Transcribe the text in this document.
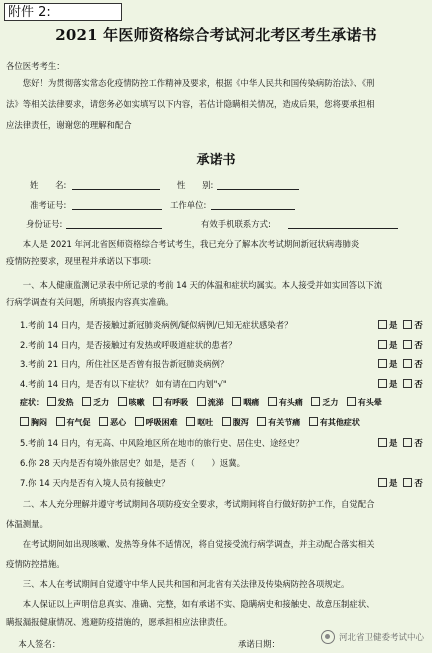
附件 2:
2021 年医师资格综合考试河北考区考生承诺书
各位医考考生：
　　您好！为贯彻落实常态化疫情防控工作精神及要求，根据《中华人民共和国传染病防治法》、《刑
法》等相关法律要求，请您务必如实填写以下内容，若估计隐瞒相关情况，造成后果，您将要承担相
应法律责任，谢谢您的理解和配合
承诺书
姓　　名:	性　　别:
准考证号:	工作单位:
身份证号:	有效手机联系方式:
　　本人是 2021 年河北省医师资格综合考试考生，我已充分了解本次考试期间新冠状病毒肺炎
疫情防控要求，现里程并承诺以下事项:
　　一、本人健康监测记录表中所记录的考前 14 天的体温和症状均属实。本人接受并如实回答以下流
行病学调查有关问题，所填报内容真实准确。
1.考前 14 日内，是否接触过新冠肺炎病例/疑似病例/已知无症状感染者？	是 否
2.考前 14 日内，是否接触过有发热或呼吸道症状的患者？	是 否
3.考前 21 日内，所住社区是否曾有报告新冠肺炎病例？	是 否
4.考前 14 日内，是否有以下症状？ 如有请在□内划"√"	是 否
症状： 发热 乏力 咳嗽 有呼吸 流涕 咽痛 有头痛 乏力 有头晕
胸闷 有气促 恶心 呼吸困难 呕吐 腹泻 有关节痛 有其他症状
5.考前 14 日内，有无高、中风险地区所在地市的旅行史、居住史、途经史？	是 否
6.你 28 天内是否有境外旅居史？如是，是否（　　）返冀。
7.你 14 天内是否有入境人员有接触史？	是 否
　　二、本人充分理解并遵守考试期间各项防疫安全要求，考试期间将自行做好防护工作，自觉配合
体温测量。
　　在考试期间如出现咳嗽、发热等身体不适情况，将自觉接受流行病学调查，并主动配合落实相关
疫情防控措施。
　　三、本人在考试期间自觉遵守中华人民共和国和河北省有关法律及传染病防控各项规定。
　　本人保证以上声明信息真实、准确、完整，如有承诺不实、隐瞒病史和接触史、故意压制症状、
瞒报漏报健康情况、逃避防疫措施的，愿承担相应法律责任。
　本人签名：	承诺日期：
河北省卫健委考试中心
